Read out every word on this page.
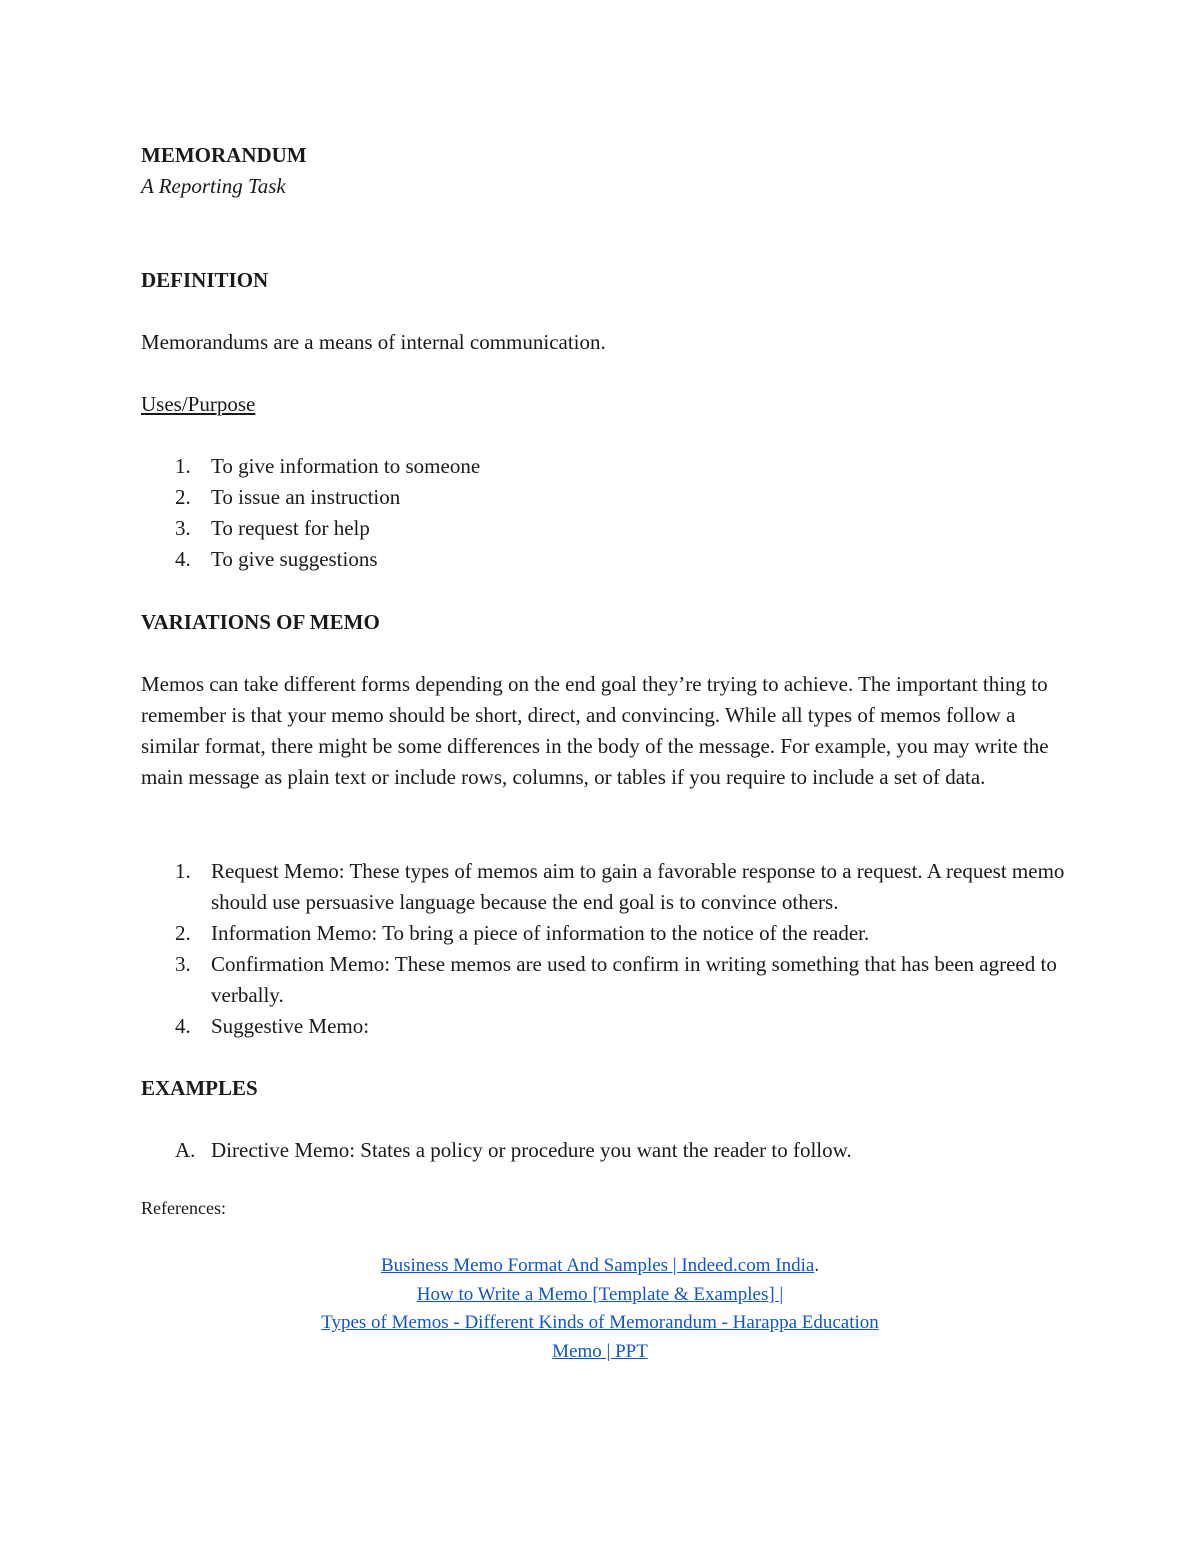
MEMORANDUM
A Reporting Task
DEFINITION
Memorandums are a means of internal communication.
Uses/Purpose
1. To give information to someone
2. To issue an instruction
3. To request for help
4. To give suggestions
VARIATIONS OF MEMO
Memos can take different forms depending on the end goal they’re trying to achieve. The important thing to remember is that your memo should be short, direct, and convincing. While all types of memos follow a similar format, there might be some differences in the body of the message. For example, you may write the main message as plain text or include rows, columns, or tables if you require to include a set of data.
1. Request Memo: These types of memos aim to gain a favorable response to a request. A request memo should use persuasive language because the end goal is to convince others.
2. Information Memo: To bring a piece of information to the notice of the reader.
3. Confirmation Memo: These memos are used to confirm in writing something that has been agreed to verbally.
4. Suggestive Memo:
EXAMPLES
A. Directive Memo: States a policy or procedure you want the reader to follow.
References:
Business Memo Format And Samples | Indeed.com India.
How to Write a Memo [Template & Examples] |
Types of Memos - Different Kinds of Memorandum - Harappa Education
Memo | PPT
